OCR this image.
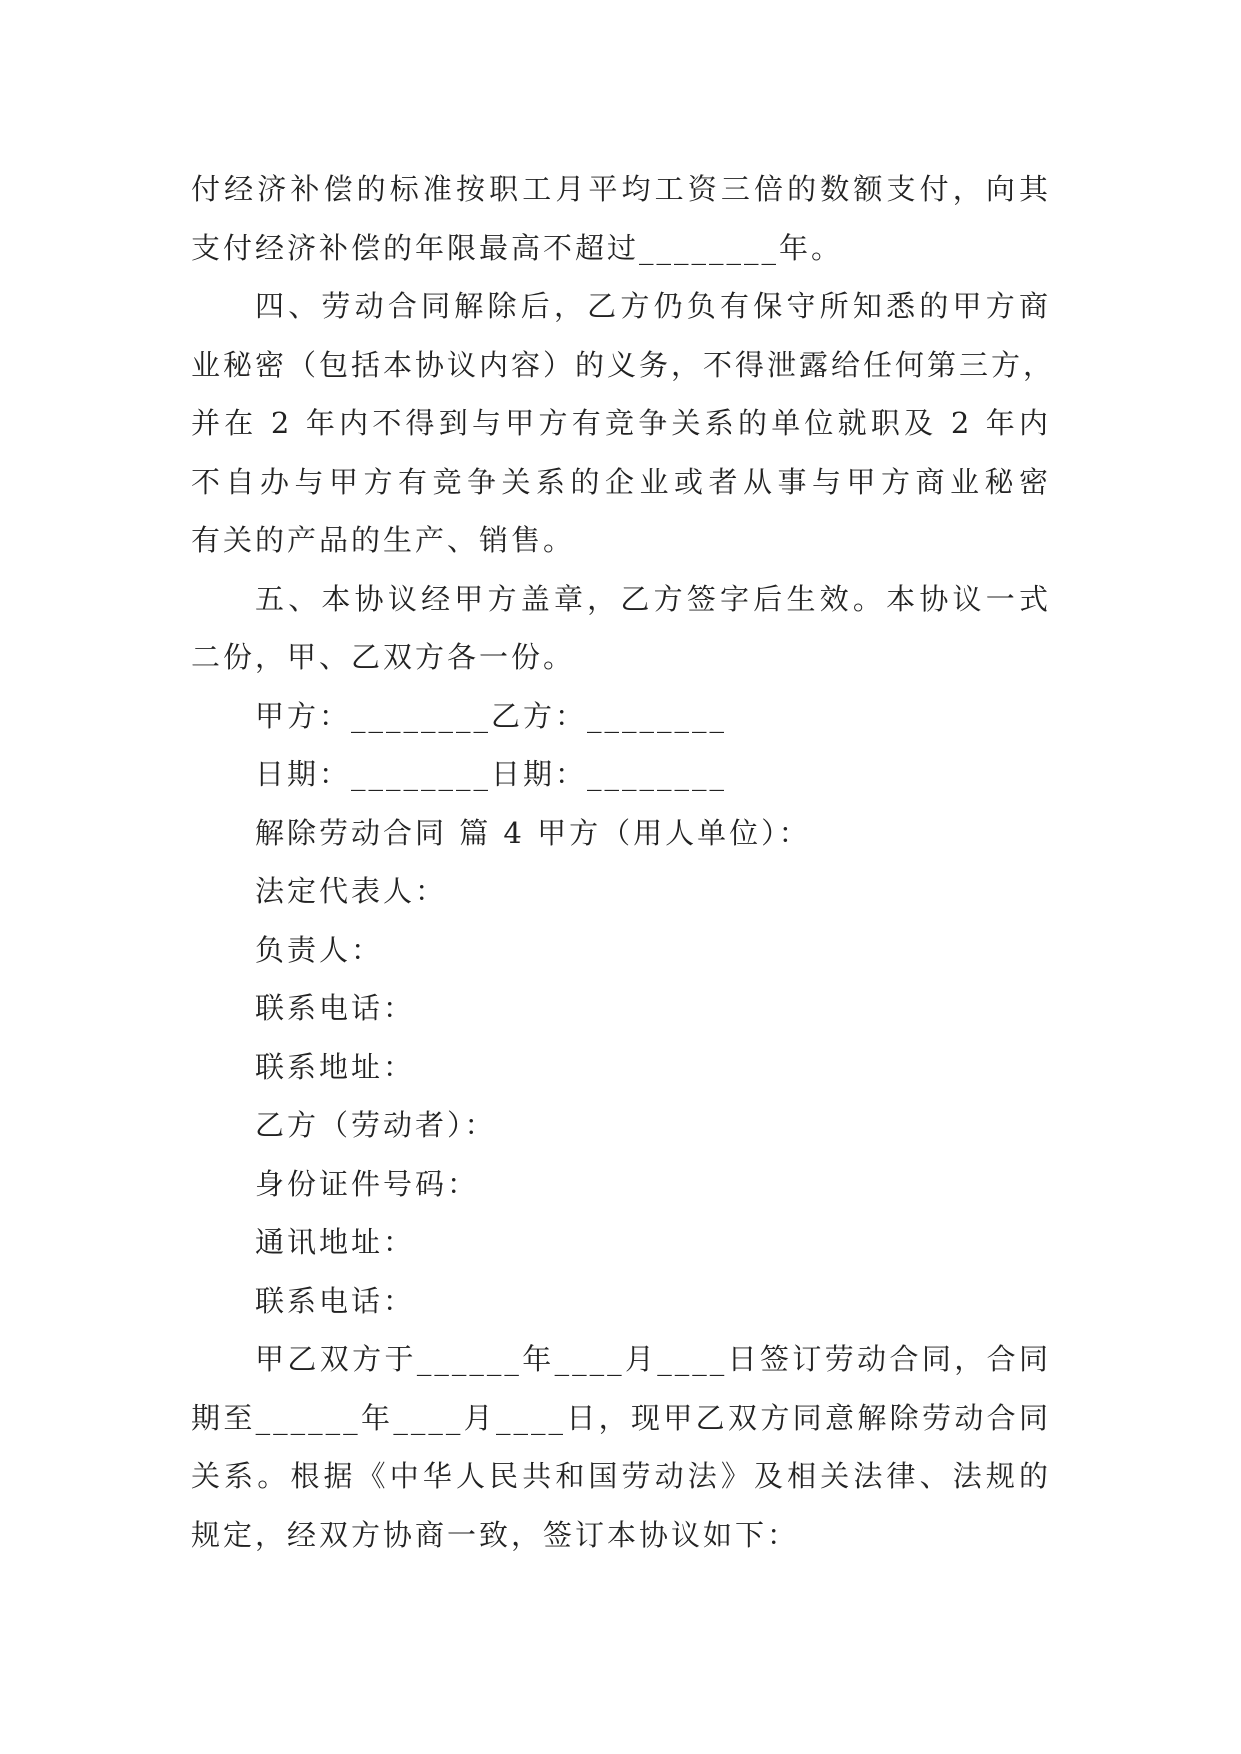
付经济补偿的标准按职工月平均工资三倍的数额支付，向其
支付经济补偿的年限最高不超过________年。
四、劳动合同解除后，乙方仍负有保守所知悉的甲方商
业秘密（包括本协议内容）的义务，不得泄露给任何第三方，
并在 2 年内不得到与甲方有竞争关系的单位就职及 2 年内
不自办与甲方有竞争关系的企业或者从事与甲方商业秘密
有关的产品的生产、销售。
五、本协议经甲方盖章，乙方签字后生效。本协议一式
二份，甲、乙双方各一份。
甲方：________乙方：________
日期：________日期：________
解除劳动合同 篇 4 甲方（用人单位）：
法定代表人：
负责人：
联系电话：
联系地址：
乙方（劳动者）：
身份证件号码：
通讯地址：
联系电话：
甲乙双方于______年____月____日签订劳动合同，合同
期至______年____月____日，现甲乙双方同意解除劳动合同
关系。根据《中华人民共和国劳动法》及相关法律、法规的
规定，经双方协商一致，签订本协议如下：
